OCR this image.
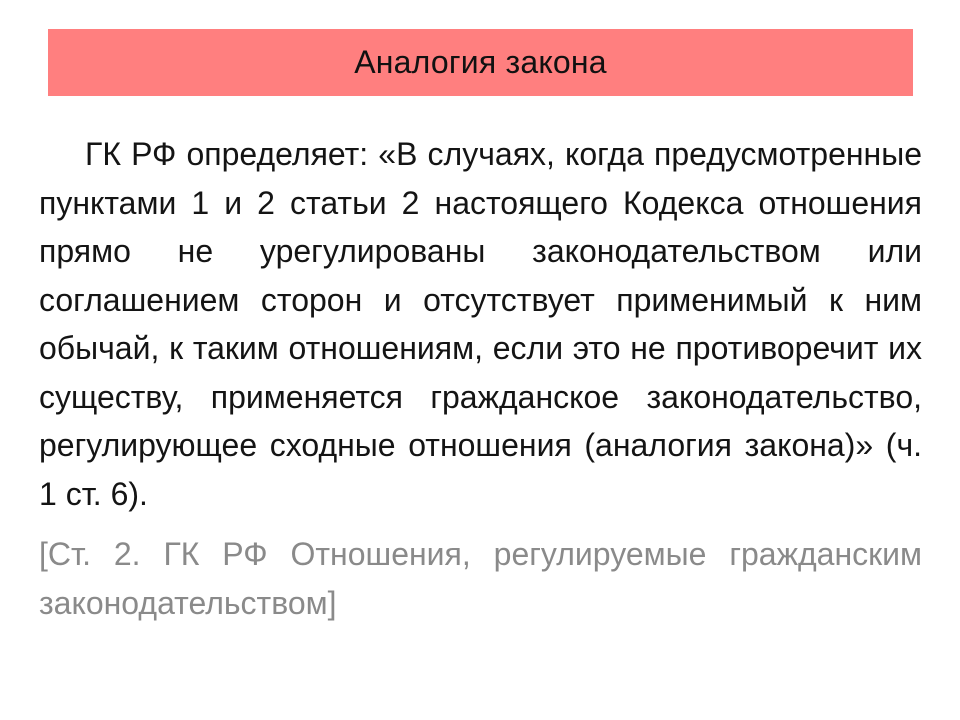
Аналогия закона

ГК РФ определяет: «В случаях, когда предусмотренные пунктами 1 и 2 статьи 2 настоящего Кодекса отношения прямо не урегулированы законодательством или соглашением сторон и отсутствует применимый к ним обычай, к таким отношениям, если это не противоречит их существу, применяется гражданское законодательство, регулирующее сходные отношения (аналогия закона)» (ч. 1 ст. 6).

[Ст. 2. ГК РФ Отношения, регулируемые гражданским законодательством]
